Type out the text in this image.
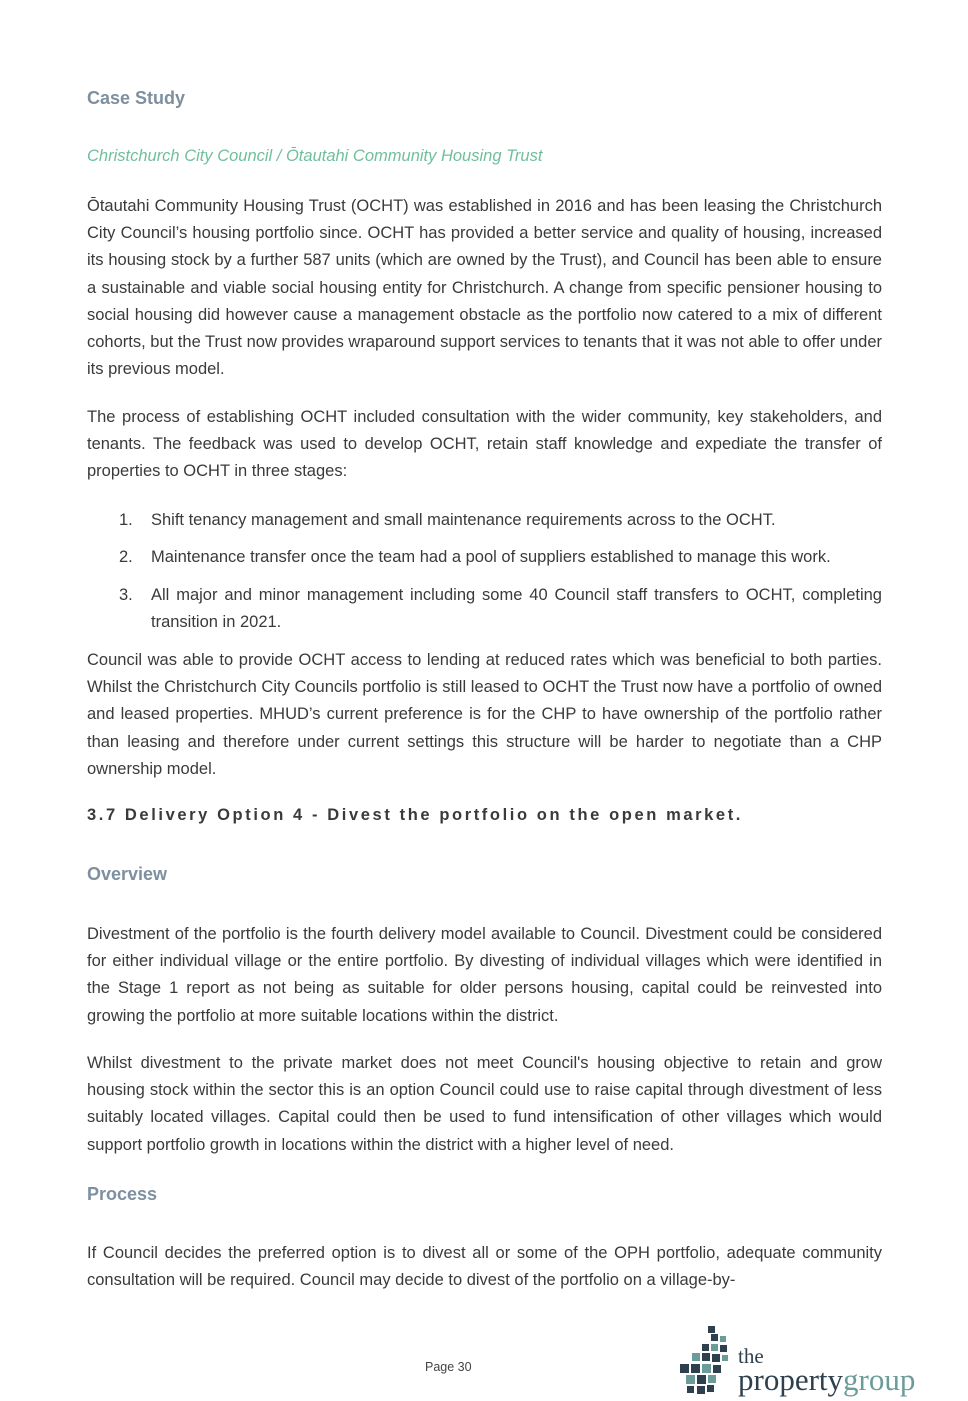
Case Study
Christchurch City Council / Ōtautahi Community Housing Trust

Ōtautahi Community Housing Trust (OCHT) was established in 2016 and has been leasing the Christchurch City Council’s housing portfolio since. OCHT has provided a better service and quality of housing, increased its housing stock by a further 587 units (which are owned by the Trust), and Council has been able to ensure a sustainable and viable social housing entity for Christchurch. A change from specific pensioner housing to social housing did however cause a management obstacle as the portfolio now catered to a mix of different cohorts, but the Trust now provides wraparound support services to tenants that it was not able to offer under its previous model.

The process of establishing OCHT included consultation with the wider community, key stakeholders, and tenants. The feedback was used to develop OCHT, retain staff knowledge and expediate the transfer of properties to OCHT in three stages:

1. Shift tenancy management and small maintenance requirements across to the OCHT.
2. Maintenance transfer once the team had a pool of suppliers established to manage this work.
3. All major and minor management including some 40 Council staff transfers to OCHT, completing transition in 2021.

Council was able to provide OCHT access to lending at reduced rates which was beneficial to both parties. Whilst the Christchurch City Councils portfolio is still leased to OCHT the Trust now have a portfolio of owned and leased properties. MHUD’s current preference is for the CHP to have ownership of the portfolio rather than leasing and therefore under current settings this structure will be harder to negotiate than a CHP ownership model.

3.7 Delivery Option 4 - Divest the portfolio on the open market.
Overview

Divestment of the portfolio is the fourth delivery model available to Council. Divestment could be considered for either individual village or the entire portfolio. By divesting of individual villages which were identified in the Stage 1 report as not being as suitable for older persons housing, capital could be reinvested into growing the portfolio at more suitable locations within the district.

Whilst divestment to the private market does not meet Council's housing objective to retain and grow housing stock within the sector this is an option Council could use to raise capital through divestment of less suitably located villages. Capital could then be used to fund intensification of other villages which would support portfolio growth in locations within the district with a higher level of need.

Process

If Council decides the preferred option is to divest all or some of the OPH portfolio, adequate community consultation will be required. Council may decide to divest of the portfolio on a village-by-

Page 30	the
propertygroup
